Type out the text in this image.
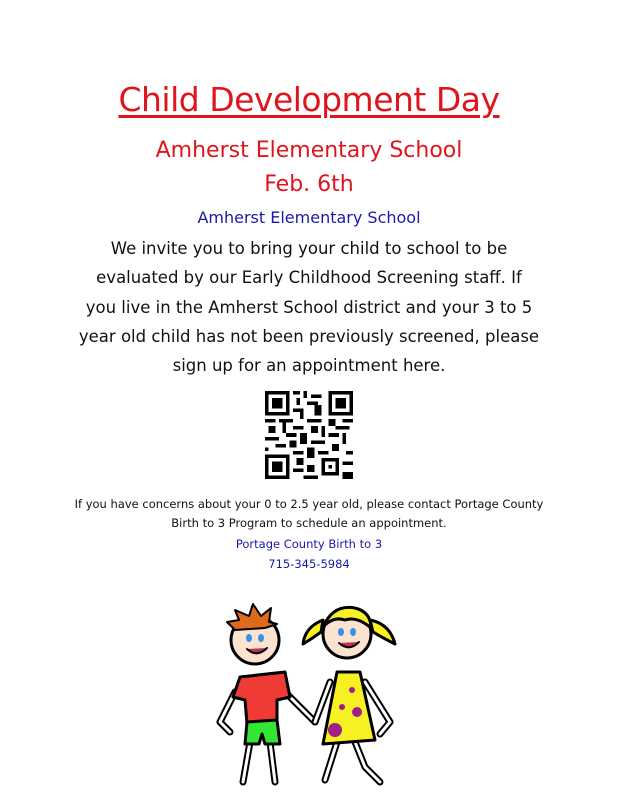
Child Development Day
Amherst Elementary School
Feb. 6th
Amherst Elementary School
We invite you to bring your child to school to be
evaluated by our Early Childhood Screening staff. If
you live in the Amherst School district and your 3 to 5
year old child has not been previously screened, please
sign up for an appointment here.
If you have concerns about your 0 to 2.5 year old, please contact Portage County
Birth to 3 Program to schedule an appointment.
Portage County Birth to 3
715-345-5984
